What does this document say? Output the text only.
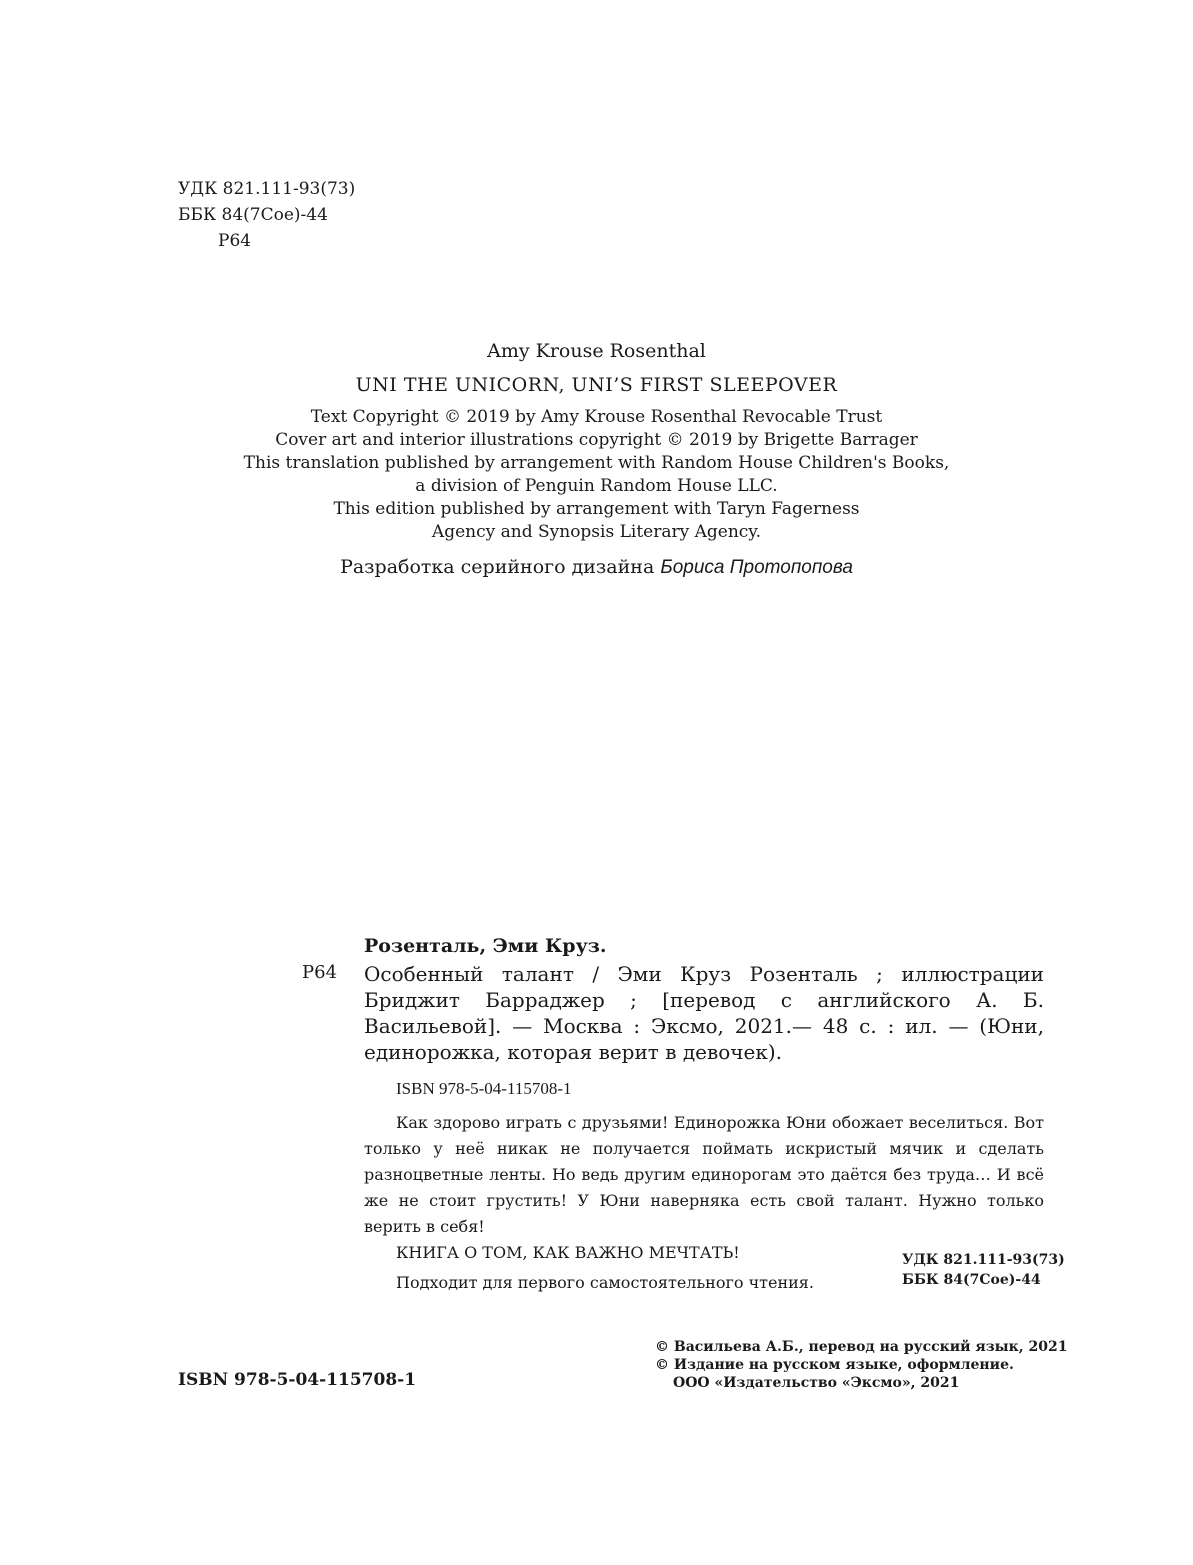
УДК 821.111-93(73)
ББК 84(7Сое)-44
Р64
Amy Krouse Rosenthal
UNI THE UNICORN, UNI’S FIRST SLEEPOVER
Text Copyright © 2019 by Amy Krouse Rosenthal Revocable Trust
Cover art and interior illustrations copyright © 2019 by Brigette Barrager
This translation published by arrangement with Random House Children's Books,
a division of Penguin Random House LLC.
This edition published by arrangement with Taryn Fagerness
Agency and Synopsis Literary Agency.
Разработка серийного дизайна Бориса Протопопова
Р64
Розенталь, Эми Круз.
Особенный талант / Эми Круз Розенталь ; иллюстрации Бриджит Барраджер ; [перевод с английского А. Б. Васильевой]. — Москва : Эксмо, 2021.— 48 с. : ил. — (Юни, единорожка, которая верит в девочек).
ISBN 978-5-04-115708-1
Как здорово играть с друзьями! Единорожка Юни обожает веселиться. Вот только у неё никак не получается поймать искристый мячик и сделать разноцветные ленты. Но ведь другим единорогам это даётся без труда… И всё же не стоит грустить! У Юни наверняка есть свой талант. Нужно только верить в себя!
КНИГА О ТОМ, КАК ВАЖНО МЕЧТАТЬ!
Подходит для первого самостоятельного чтения.
УДК 821.111-93(73)
ББК 84(7Сое)-44
ISBN 978-5-04-115708-1
© Васильева А.Б., перевод на русский язык, 2021
© Издание на русском языке, оформление.
ООО «Издательство «Эксмо», 2021
